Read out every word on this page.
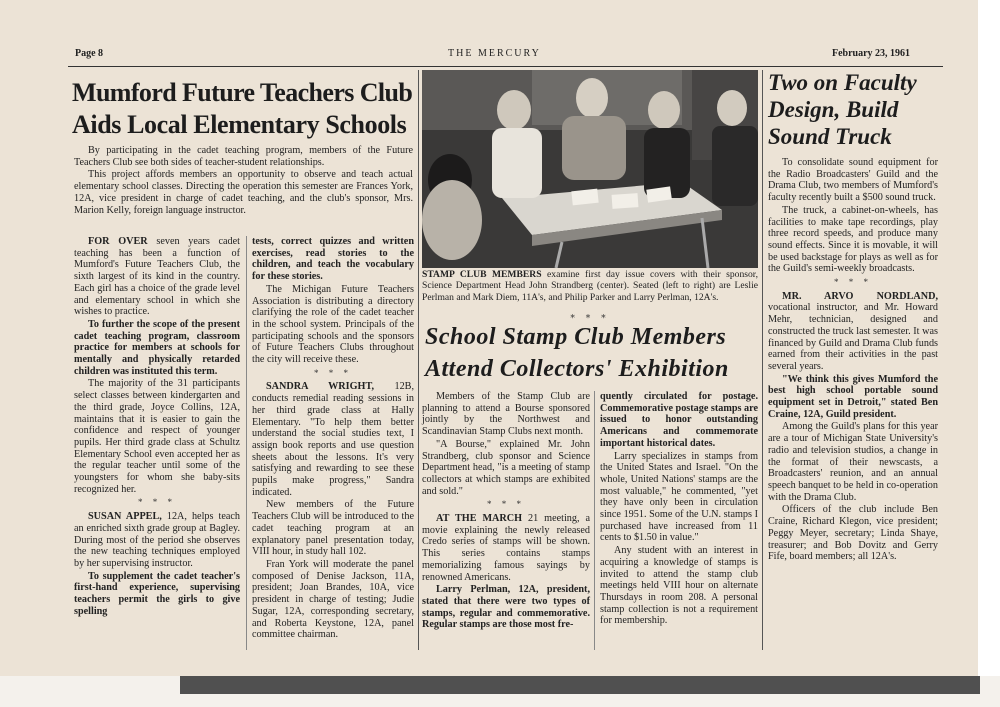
Page 8	THE MERCURY	February 23, 1961
Mumford Future Teachers Club
Aids Local Elementary Schools

By participating in the cadet teaching program, members of the Future Teachers Club see both sides of teacher-student relationships.

This project affords members an opportunity to observe and teach actual elementary school classes. Directing the operation this semester are Frances York, 12A, vice president in charge of cadet teaching, and the club's sponsor, Mrs. Marion Kelly, foreign language instructor.

FOR OVER seven years cadet teaching has been a function of Mumford's Future Teachers Club, the sixth largest of its kind in the country. Each girl has a choice of the grade level and elementary school in which she wishes to practice.

To further the scope of the present cadet teaching program, classroom practice for members at schools for mentally and physically retarded children was instituted this term.

The majority of the 31 participants select classes between kindergarten and the third grade, Joyce Collins, 12A, maintains that it is easier to gain the confidence and respect of younger pupils. Her third grade class at Schultz Elementary School even accepted her as the regular teacher until some of the youngsters for whom she baby-sits recognized her.

* * *

SUSAN APPEL, 12A, helps teach an enriched sixth grade group at Bagley. During most of the period she observes the new teaching techniques employed by her supervising instructor.

To supplement the cadet teacher's first-hand experience, supervising teachers permit the girls to give spelling

tests, correct quizzes and written exercises, read stories to the children, and teach the vocabulary for these stories.

The Michigan Future Teachers Association is distributing a directory clarifying the role of the cadet teacher in the school system. Principals of the participating schools and the sponsors of Future Teachers Clubs throughout the city will receive these.

* * *

SANDRA WRIGHT, 12B, conducts remedial reading sessions in her third grade class at Hally Elementary. "To help them better understand the social studies text, I assign book reports and use question sheets about the lessons. It's very satisfying and rewarding to see these pupils make progress," Sandra indicated.

New members of the Future Teachers Club will be introduced to the cadet teaching program at an explanatory panel presentation today, VIII hour, in study hall 102.

Fran York will moderate the panel composed of Denise Jackson, 11A, president; Joan Brandes, 10A, vice president in charge of testing; Judie Sugar, 12A, corresponding secretary, and Roberta Keystone, 12A, panel committee chairman.

STAMP CLUB MEMBERS examine first day issue covers with their sponsor, Science Department Head John Strandberg (center). Seated (left to right) are Leslie Perlman and Mark Diem, 11A's, and Philip Parker and Larry Perlman, 12A's.
* * *
School Stamp Club Members
Attend Collectors' Exhibition

Members of the Stamp Club are planning to attend a Bourse sponsored jointly by the Northwest and Scandinavian Stamp Clubs next month.

"A Bourse," explained Mr. John Strandberg, club sponsor and Science Department head, "is a meeting of stamp collectors at which stamps are exhibited and sold."

* * *

AT THE MARCH 21 meeting, a movie explaining the newly released Credo series of stamps will be shown. This series contains stamps memorializing famous sayings by renowned Americans.

Larry Perlman, 12A, president, stated that there were two types of stamps, regular and commemorative. Regular stamps are those most fre-

quently circulated for postage. Commemorative postage stamps are issued to honor outstanding Americans and commemorate important historical dates.

Larry specializes in stamps from the United States and Israel. "On the whole, United Nations' stamps are the most valuable," he commented, "yet they have only been in circulation since 1951. Some of the U.N. stamps I purchased have increased from 11 cents to $1.50 in value."

Any student with an interest in acquiring a knowledge of stamps is invited to attend the stamp club meetings held VIII hour on alternate Thursdays in room 208. A personal stamp collection is not a requirement for membership.

Two on Faculty
Design, Build
Sound Truck

To consolidate sound equipment for the Radio Broadcasters' Guild and the Drama Club, two members of Mumford's faculty recently built a $500 sound truck.

The truck, a cabinet-on-wheels, has facilities to make tape recordings, play three record speeds, and produce many sound effects. Since it is movable, it will be used backstage for plays as well as for the Guild's semi-weekly broadcasts.

* * *

MR. ARVO NORDLAND, vocational instructor, and Mr. Howard Mehr, technician, designed and constructed the truck last semester. It was financed by Guild and Drama Club funds earned from their activities in the past several years.

"We think this gives Mumford the best high school portable sound equipment set in Detroit," stated Ben Craine, 12A, Guild president.

Among the Guild's plans for this year are a tour of Michigan State University's radio and television studios, a change in the format of their newscasts, a Broadcasters' reunion, and an annual speech banquet to be held in co-operation with the Drama Club.

Officers of the club include Ben Craine, Richard Klegon, vice president; Peggy Meyer, secretary; Linda Shaye, treasurer; and Bob Dovitz and Gerry Fife, board members; all 12A's.
